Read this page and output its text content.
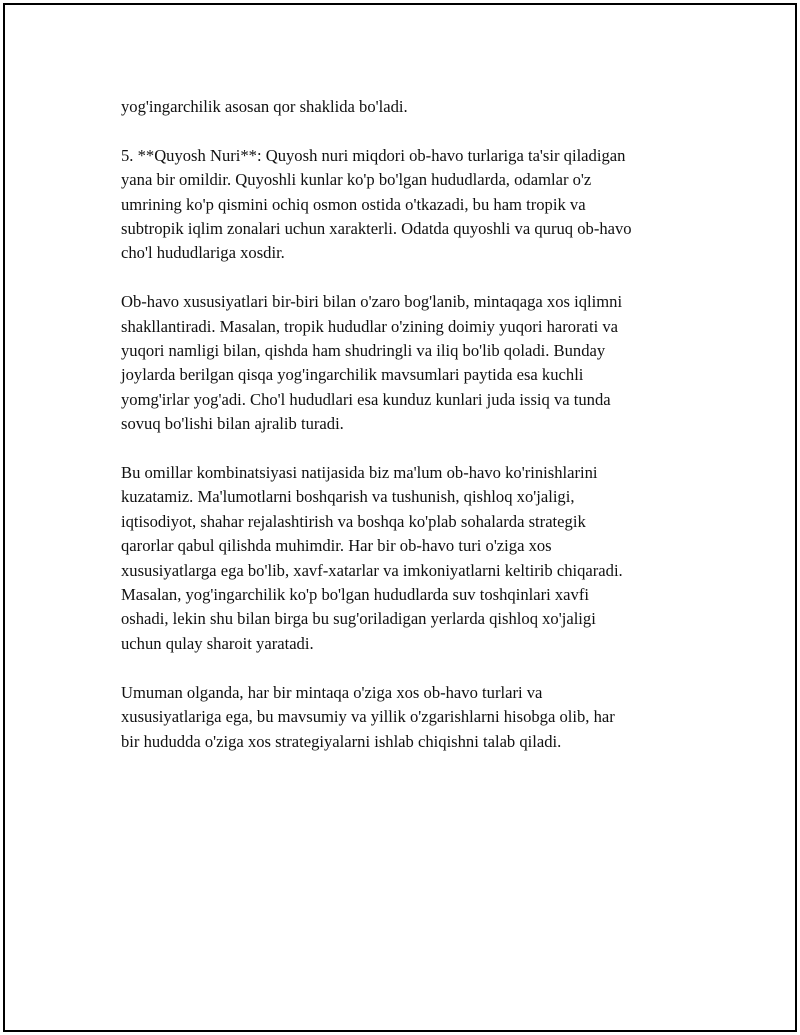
yog'ingarchilik asosan qor shaklida bo'ladi.

5. **Quyosh Nuri**: Quyosh nuri miqdori ob-havo turlariga ta'sir qiladigan
yana bir omildir. Quyoshli kunlar ko'p bo'lgan hududlarda, odamlar o'z
umrining ko'p qismini ochiq osmon ostida o'tkazadi, bu ham tropik va
subtropik iqlim zonalari uchun xarakterli. Odatda quyoshli va quruq ob-havo
cho'l hududlariga xosdir.

Ob-havo xususiyatlari bir-biri bilan o'zaro bog'lanib, mintaqaga xos iqlimni
shakllantiradi. Masalan, tropik hududlar o'zining doimiy yuqori harorati va
yuqori namligi bilan, qishda ham shudringli va iliq bo'lib qoladi. Bunday
joylarda berilgan qisqa yog'ingarchilik mavsumlari paytida esa kuchli
yomg'irlar yog'adi. Cho'l hududlari esa kunduz kunlari juda issiq va tunda
sovuq bo'lishi bilan ajralib turadi.

Bu omillar kombinatsiyasi natijasida biz ma'lum ob-havo ko'rinishlarini
kuzatamiz. Ma'lumotlarni boshqarish va tushunish, qishloq xo'jaligi,
iqtisodiyot, shahar rejalashtirish va boshqa ko'plab sohalarda strategik
qarorlar qabul qilishda muhimdir. Har bir ob-havo turi o'ziga xos
xususiyatlarga ega bo'lib, xavf-xatarlar va imkoniyatlarni keltirib chiqaradi.
Masalan, yog'ingarchilik ko'p bo'lgan hududlarda suv toshqinlari xavfi
oshadi, lekin shu bilan birga bu sug'oriladigan yerlarda qishloq xo'jaligi
uchun qulay sharoit yaratadi.

Umuman olganda, har bir mintaqa o'ziga xos ob-havo turlari va
xususiyatlariga ega, bu mavsumiy va yillik o'zgarishlarni hisobga olib, har
bir hududda o'ziga xos strategiyalarni ishlab chiqishni talab qiladi.
